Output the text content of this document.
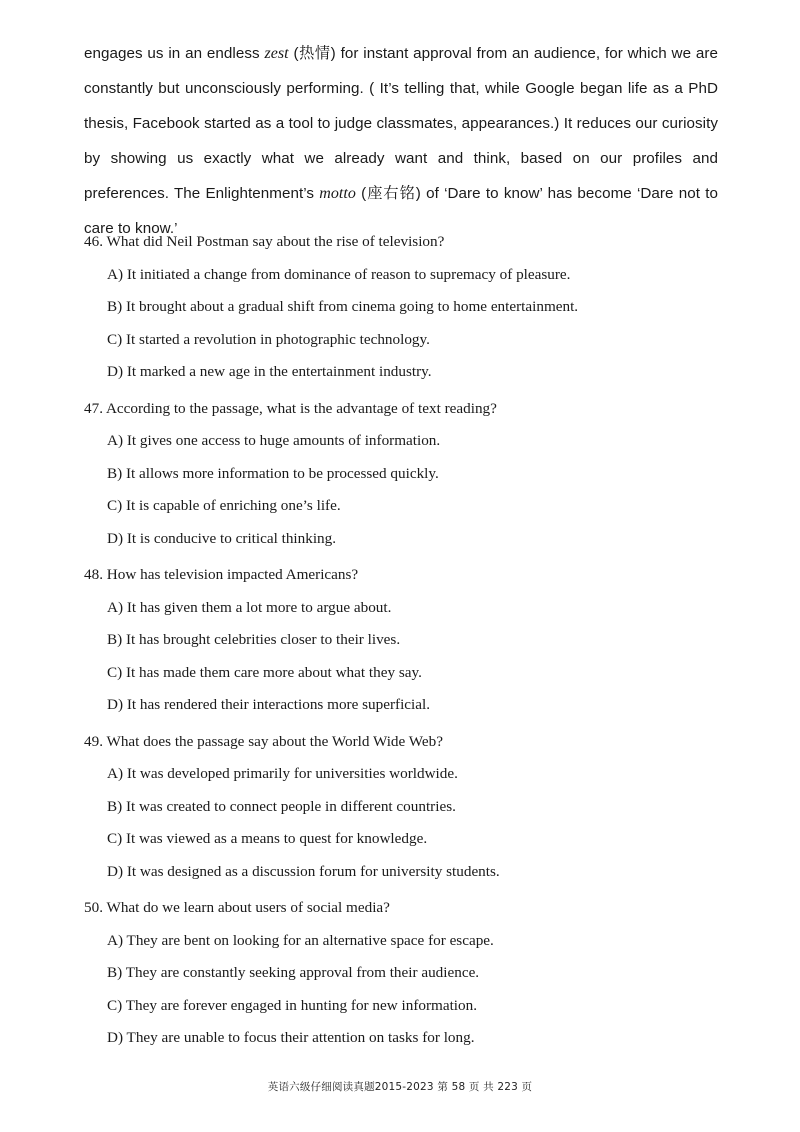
engages us in an endless zest (热情) for instant approval from an audience, for which we are constantly but unconsciously performing. ( It’s telling that, while Google began life as a PhD thesis, Facebook started as a tool to judge classmates, appearances.) It reduces our curiosity by showing us exactly what we already want and think, based on our profiles and preferences. The Enlightenment’s motto (座右铭) of ‘Dare to know’ has become ‘Dare not to care to know.’
46. What did Neil Postman say about the rise of television?
A) It initiated a change from dominance of reason to supremacy of pleasure.
B) It brought about a gradual shift from cinema going to home entertainment.
C) It started a revolution in photographic technology.
D) It marked a new age in the entertainment industry.
47. According to the passage, what is the advantage of text reading?
A) It gives one access to huge amounts of information.
B) It allows more information to be processed quickly.
C) It is capable of enriching one’s life.
D) It is conducive to critical thinking.
48. How has television impacted Americans?
A) It has given them a lot more to argue about.
B) It has brought celebrities closer to their lives.
C) It has made them care more about what they say.
D) It has rendered their interactions more superficial.
49. What does the passage say about the World Wide Web?
A) It was developed primarily for universities worldwide.
B) It was created to connect people in different countries.
C) It was viewed as a means to quest for knowledge.
D) It was designed as a discussion forum for university students.
50. What do we learn about users of social media?
A) They are bent on looking for an alternative space for escape.
B) They are constantly seeking approval from their audience.
C) They are forever engaged in hunting for new information.
D) They are unable to focus their attention on tasks for long.
英语六级仔细阅读真题2015-2023 第 58 页 共 223 页
